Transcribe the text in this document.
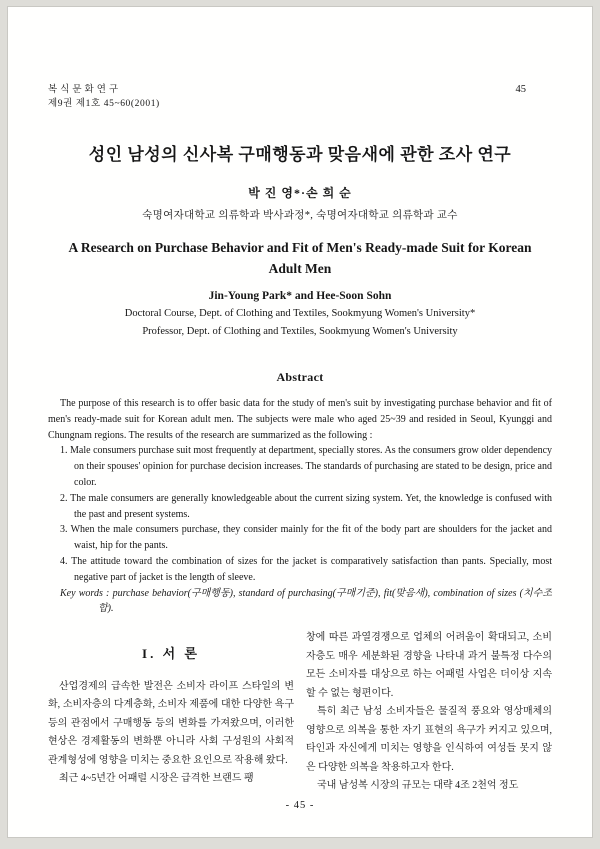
복식문화연구
제9권 제1호 45~60(2001)
45
성인 남성의 신사복 구매행동과 맞음새에 관한 조사 연구
박 진 영*·손 희 순
숙명여자대학교 의류학과 박사과정*, 숙명여자대학교 의류학과 교수
A Research on Purchase Behavior and Fit of Men's Ready-made Suit for Korean Adult Men
Jin-Young Park* and Hee-Soon Sohn
Doctoral Course, Dept. of Clothing and Textiles, Sookmyung Women's University*
Professor, Dept. of Clothing and Textiles, Sookmyung Women's University
Abstract

The purpose of this research is to offer basic data for the study of men's suit by investigating purchase behavior and fit of men's ready-made suit for Korean adult men. The subjects were male who aged 25~39 and resided in Seoul, Kyunggi and Chungnam regions. The results of the research are summarized as the following :

1. Male consumers purchase suit most frequently at department, specially stores. As the consumers grow older dependency on their spouses' opinion for purchase decision increases. The standards of purchasing are stated to be design, price and color.

2. The male consumers are generally knowledgeable about the current sizing system. Yet, the knowledge is confused with the past and present systems.

3. When the male consumers purchase, they consider mainly for the fit of the body part are shoulders for the jacket and waist, hip for the pants.

4. The attitude toward the combination of sizes for the jacket is comparatively satisfaction than pants. Specially, most negative part of jacket is the length of sleeve.

Key words : purchase behavior(구매행동), standard of purchasing(구매기준), fit(맞음새), combination of sizes (치수조합).

I. 서 론

산업경제의 급속한 발전은 소비자 라이프 스타일의 변화, 소비자층의 다계층화, 소비자 제품에 대한 다양한 욕구 등의 관점에서 구매행동 등의 변화를 가져왔으며, 이러한 현상은 경제활동의 변화뿐 아니라 사회 구성원의 사회적 관계형성에 영향을 미치는 중요한 요인으로 작용해 왔다.

최근 4~5년간 어패럴 시장은 급격한 브랜드 팽

창에 따른 과열경쟁으로 업체의 어려움이 확대되고, 소비자층도 매우 세분화된 경향을 나타내 과거 불특정 다수의 모든 소비자를 대상으로 하는 어패럴 사업은 더이상 지속할 수 없는 형편이다.

특히 최근 남성 소비자들은 물질적 풍요와 영상매체의 영향으로 의복을 통한 자기 표현의 욕구가 커지고 있으며, 타인과 자신에게 미치는 영향을 인식하여 여성들 못지 않은 다양한 의복을 착용하고자 한다.

국내 남성복 시장의 규모는 대략 4조 2천억 정도

- 45 -
